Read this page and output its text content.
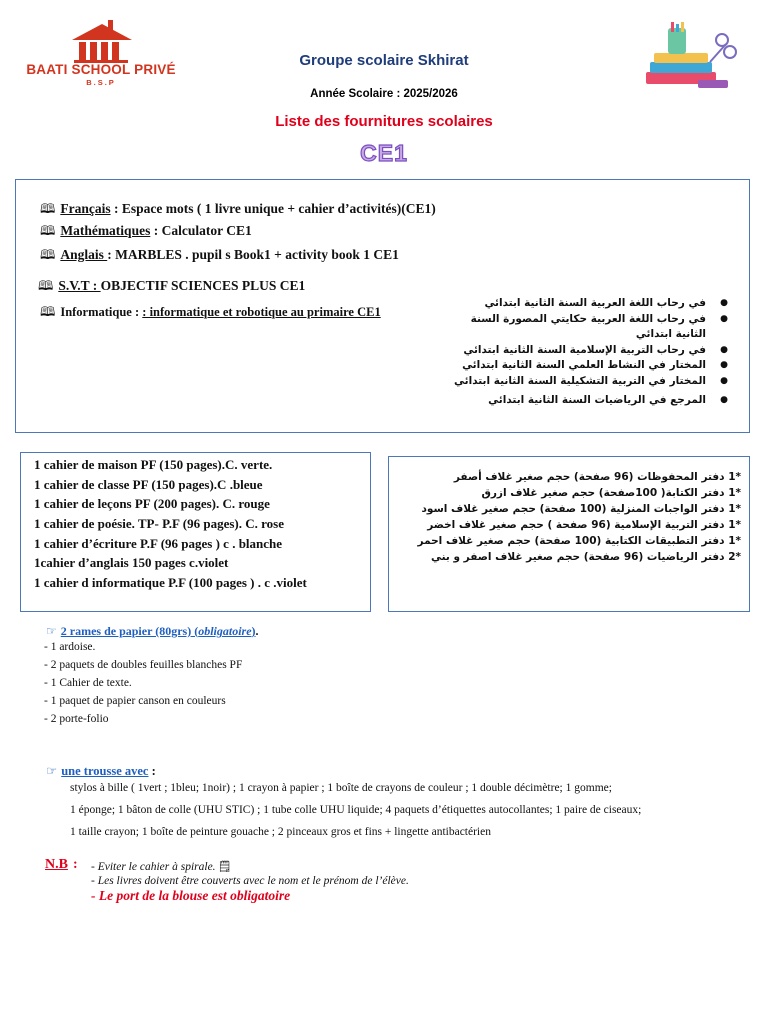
BAATI SCHOOL PRIVÉ
B.S.P
Groupe scolaire Skhirat
Année Scolaire : 2025/2026
Liste des fournitures scolaires
CE1
🕮 Français : Espace mots ( 1 livre unique + cahier d’activités)(CE1)
🕮 Mathématiques : Calculator CE1
🕮 Anglais : MARBLES . pupil s Book1 + activity book 1 CE1
🕮 S.V.T : OBJECTIF SCIENCES PLUS CE1
🕮 Informatique : : informatique et robotique au primaire CE1
●
في رحاب اللغة العربية السنة الثانية ابتدائي
●
في رحاب اللغة العربية حكايتي المصورة السنة
الثانية ابتدائي
●
في رحاب التربية الإسلامية السنة الثانية ابتدائي
●
المختار في النشاط العلمي السنة الثانية ابتدائي
●
المختار في التربية التشكيلية السنة الثانية ابتدائي
●
المرجع في الرياضيات السنة الثانية ابتدائي
1 cahier de maison PF (150 pages).C. verte.
1 cahier de classe PF (150 pages).C .bleue
1 cahier de leçons PF (200 pages). C. rouge
1 cahier de poésie. TP- P.F (96 pages). C. rose
1 cahier d’écriture P.F (96 pages ) c . blanche
1cahier d’anglais 150 pages c.violet
1 cahier d informatique P.F (100 pages ) . c .violet
*1 دفتر المحفوظات (96 صفحة) حجم صغير غلاف أصفر
*1 دفتر الكتابة( 100صفحة) حجم صغير غلاف ازرق
*1 دفتر الواجبات المنزلية (100 صفحة) حجم صغير غلاف اسود
*1 دفتر التربية الإسلامية (96 صفحة ) حجم صغير غلاف اخضر
*1 دفتر التطبيقات الكتابية (100 صفحة) حجم صغير غلاف احمر
*2 دفتر الرياضيات (96 صفحة) حجم صغير غلاف اصفر و بني
☞ 2 rames de papier (80grs) (obligatoire).
- 1 ardoise.
- 2 paquets de doubles feuilles blanches PF
- 1 Cahier de texte.
- 1 paquet de papier canson en couleurs
- 2 porte-folio
☞ une trousse avec :
stylos à bille ( 1vert ; 1bleu; 1noir) ; 1 crayon à papier ; 1 boîte de crayons de couleur ; 1 double décimètre; 1 gomme;
1 éponge; 1 bâton de colle (UHU STIC) ; 1 tube colle UHU liquide; 4 paquets d’étiquettes autocollantes; 1 paire de ciseaux;
1 taille crayon; 1 boîte de peinture gouache ; 2 pinceaux gros et fins + lingette antibactérien
N.B : - Eviter le cahier à spirale. 🗒
- Les livres doivent être couverts avec le nom et le prénom de l’élève.
- Le port de la blouse est obligatoire
